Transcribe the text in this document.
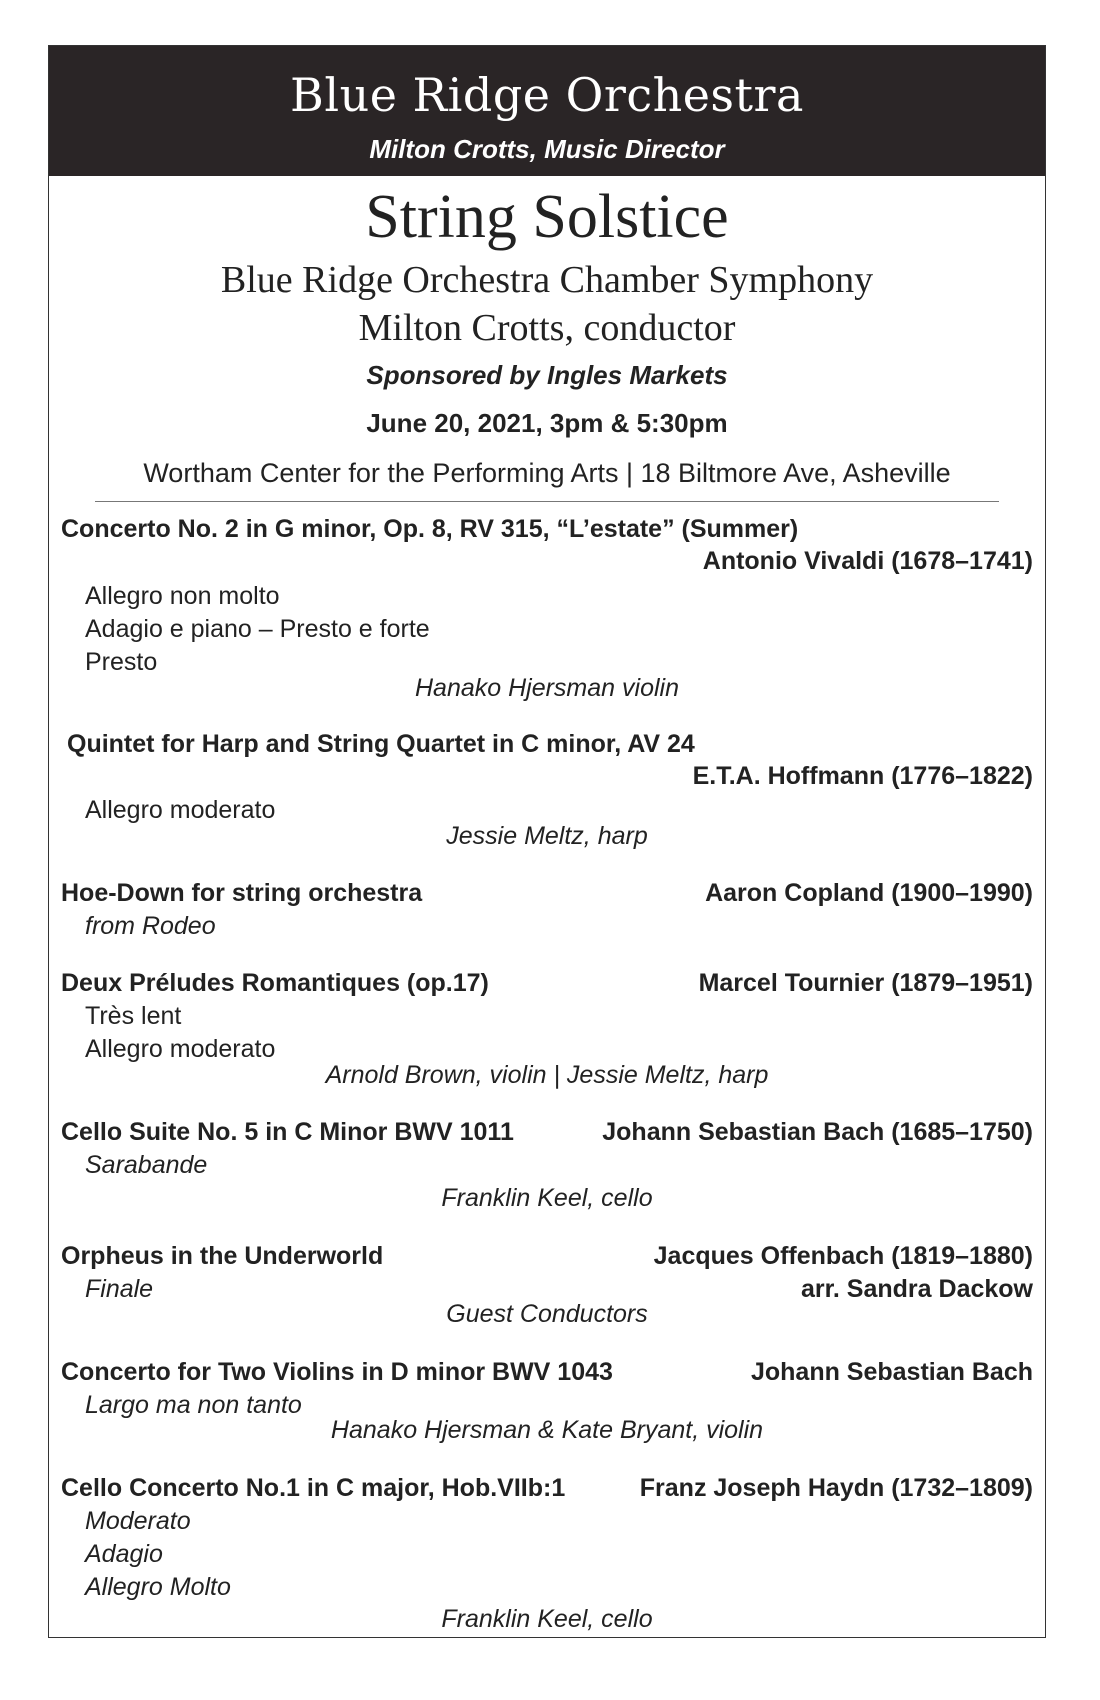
Blue Ridge Orchestra
Milton Crotts, Music Director
String Solstice
Blue Ridge Orchestra Chamber Symphony
Milton Crotts, conductor
Sponsored by Ingles Markets
June 20, 2021, 3pm & 5:30pm
Wortham Center for the Performing Arts | 18 Biltmore Ave, Asheville
Concerto No. 2 in G minor, Op. 8, RV 315, “L’estate” (Summer)
Antonio Vivaldi (1678–1741)
Allegro non molto
Adagio e piano – Presto e forte
Presto
Hanako Hjersman violin
Quintet for Harp and String Quartet in C minor, AV 24
E.T.A. Hoffmann (1776–1822)
Allegro moderato
Jessie Meltz, harp
Hoe-Down for string orchestra	Aaron Copland (1900–1990)
from Rodeo
Deux Préludes Romantiques (op.17)	Marcel Tournier (1879–1951)
Très lent
Allegro moderato
Arnold Brown, violin | Jessie Meltz, harp
Cello Suite No. 5 in C Minor BWV 1011	Johann Sebastian Bach (1685–1750)
Sarabande
Franklin Keel, cello
Orpheus in the Underworld	Jacques Offenbach (1819–1880)
Finale	arr. Sandra Dackow
Guest Conductors
Concerto for Two Violins in D minor BWV 1043	Johann Sebastian Bach
Largo ma non tanto
Hanako Hjersman & Kate Bryant, violin
Cello Concerto No.1 in C major, Hob.VIIb:1	Franz Joseph Haydn (1732–1809)
Moderato
Adagio
Allegro Molto
Franklin Keel, cello
